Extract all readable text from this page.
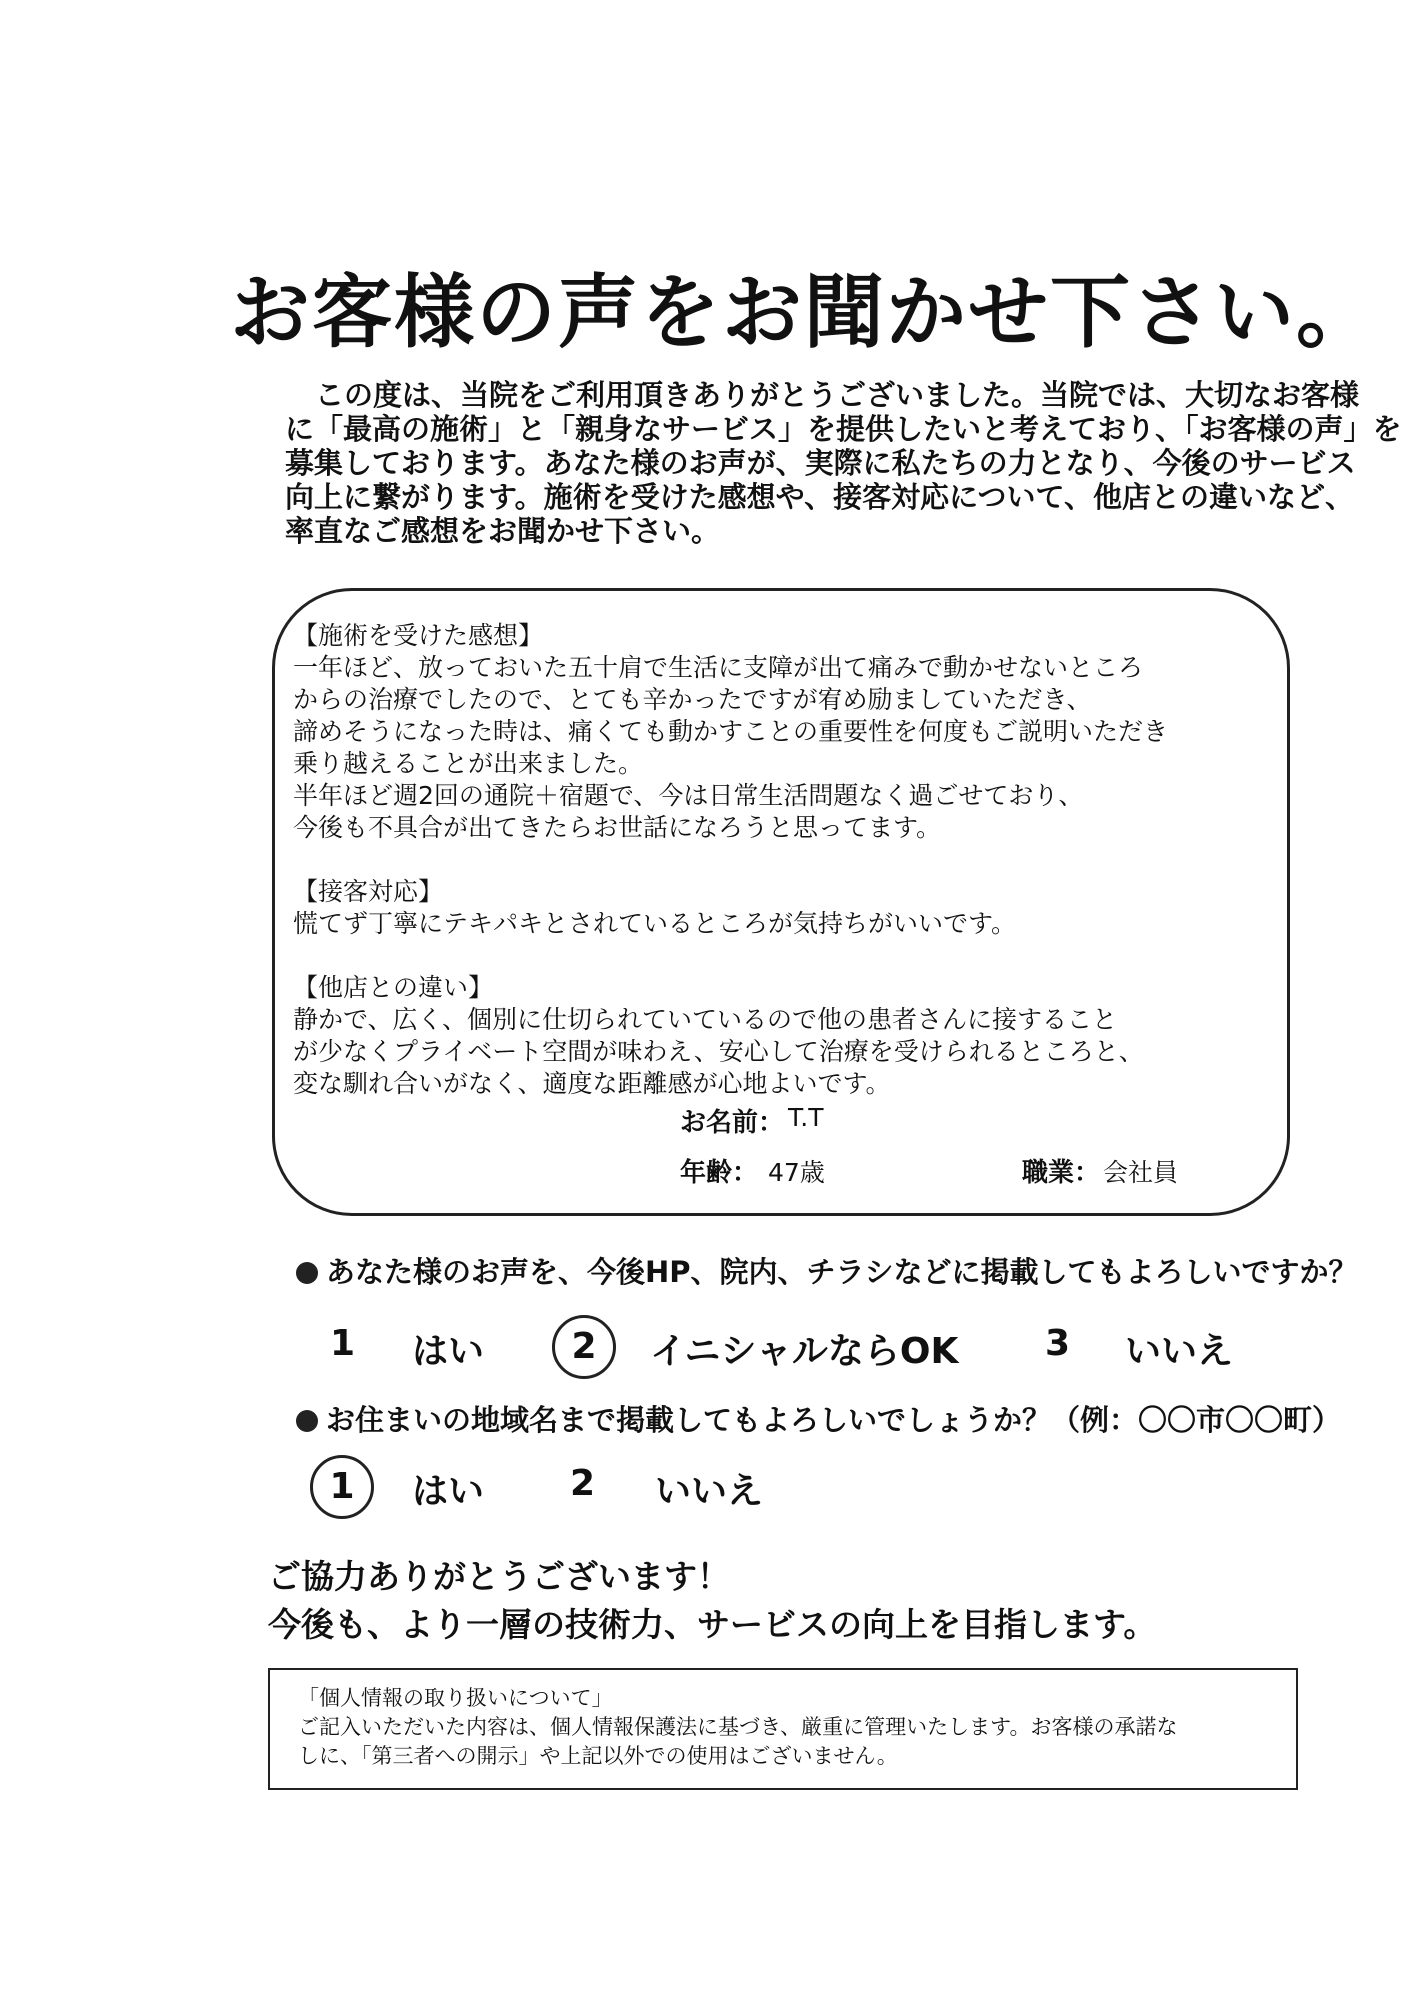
お客様の声をお聞かせ下さい。
この度は、当院をご利用頂きありがとうございました。当院では、大切なお客様
に「最高の施術」と「親身なサービス」を提供したいと考えており、「お客様の声」を
募集しております。あなた様のお声が、実際に私たちの力となり、今後のサービス
向上に繋がります。施術を受けた感想や、接客対応について、他店との違いなど、
率直なご感想をお聞かせ下さい。
【施術を受けた感想】
一年ほど、放っておいた五十肩で生活に支障が出て痛みで動かせないところ
からの治療でしたので、とても辛かったですが宥め励ましていただき、
諦めそうになった時は、痛くても動かすことの重要性を何度もご説明いただき
乗り越えることが出来ました。
半年ほど週2回の通院＋宿題で、今は日常生活問題なく過ごせており、
今後も不具合が出てきたらお世話になろうと思ってます。
【接客対応】
慌てず丁寧にテキパキとされているところが気持ちがいいです。
【他店との違い】
静かで、広く、個別に仕切られていているので他の患者さんに接すること
が少なくプライベート空間が味わえ、安心して治療を受けられるところと、
変な馴れ合いがなく、適度な距離感が心地よいです。
お名前： T.T
年齢： 47歳	職業： 会社員
あなた様のお声を、今後HP、院内、チラシなどに掲載してもよろしいですか？
1 はい	2	イニシャルならOK 3 いいえ
お住まいの地域名まで掲載してもよろしいでしょうか？（例：〇〇市〇〇町）
1	はい 2 いいえ
ご協力ありがとうございます！
今後も、より一層の技術力、サービスの向上を目指します。
「個人情報の取り扱いについて」
ご記入いただいた内容は、個人情報保護法に基づき、厳重に管理いたします。お客様の承諾な
しに、「第三者への開示」や上記以外での使用はございません。
